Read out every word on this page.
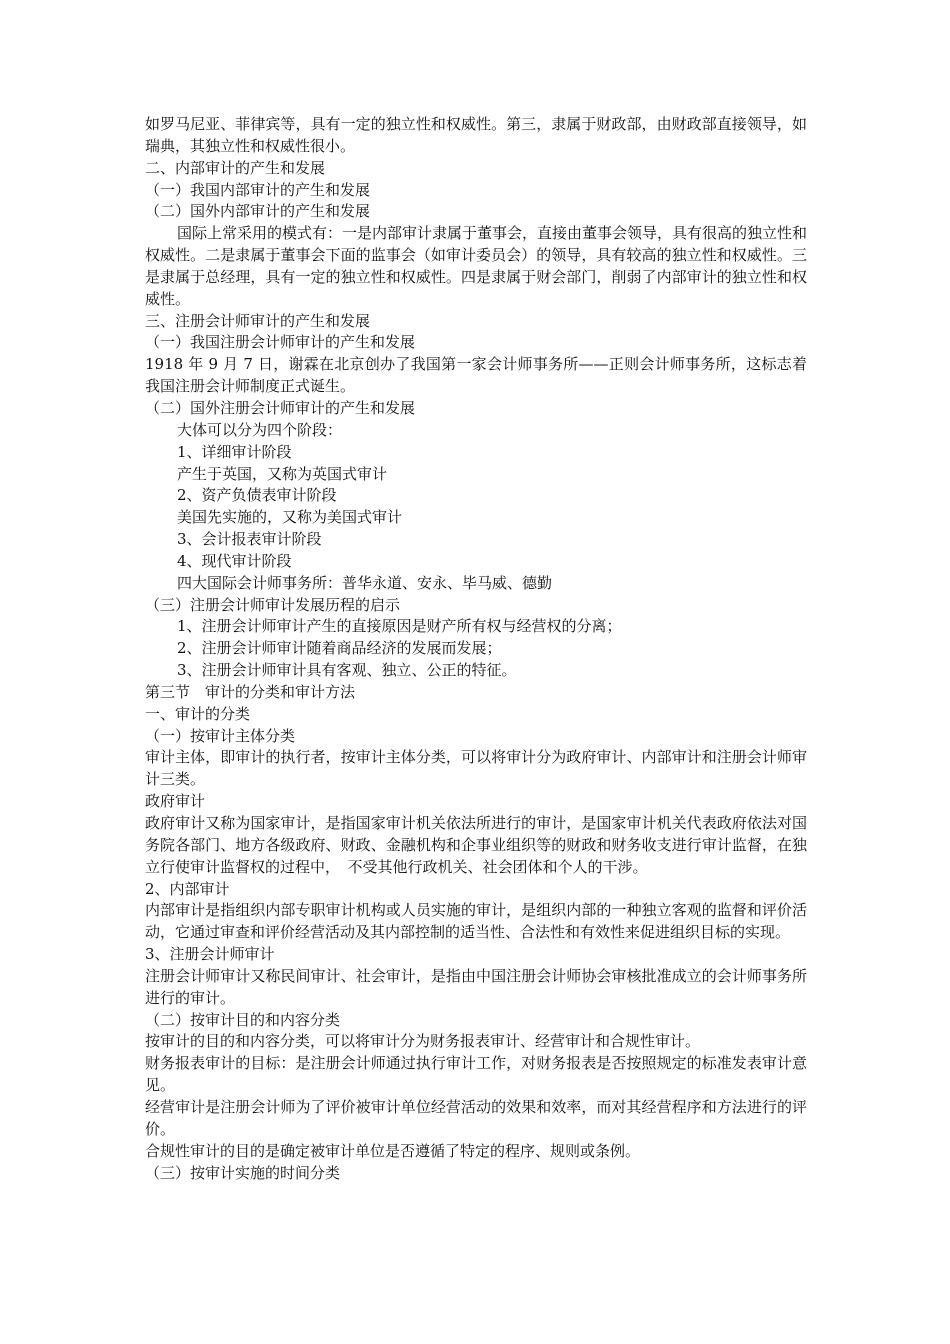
如罗马尼亚、菲律宾等，具有一定的独立性和权威性。第三，隶属于财政部，由财政部直接领导，如瑞典，其独立性和权威性很小。

二、内部审计的产生和发展

（一）我国内部审计的产生和发展

（二）国外内部审计的产生和发展

国际上常采用的模式有：一是内部审计隶属于董事会，直接由董事会领导，具有很高的独立性和权威性。二是隶属于董事会下面的监事会（如审计委员会）的领导，具有较高的独立性和权威性。三是隶属于总经理，具有一定的独立性和权威性。四是隶属于财会部门，削弱了内部审计的独立性和权威性。

三、注册会计师审计的产生和发展

（一）我国注册会计师审计的产生和发展

1918 年 9 月 7 日，谢霖在北京创办了我国第一家会计师事务所——正则会计师事务所，这标志着我国注册会计师制度正式诞生。

（二）国外注册会计师审计的产生和发展

大体可以分为四个阶段：

1、详细审计阶段

产生于英国，又称为英国式审计

2、资产负债表审计阶段

美国先实施的，又称为美国式审计

3、会计报表审计阶段

4、现代审计阶段

四大国际会计师事务所：普华永道、安永、毕马威、德勤

（三）注册会计师审计发展历程的启示

1、注册会计师审计产生的直接原因是财产所有权与经营权的分离；

2、注册会计师审计随着商品经济的发展而发展；

3、注册会计师审计具有客观、独立、公正的特征。

第三节　审计的分类和审计方法

一、审计的分类

（一）按审计主体分类

审计主体，即审计的执行者，按审计主体分类，可以将审计分为政府审计、内部审计和注册会计师审计三类。

政府审计

政府审计又称为国家审计，是指国家审计机关依法所进行的审计，是国家审计机关代表政府依法对国务院各部门、地方各级政府、财政、金融机构和企事业组织等的财政和财务收支进行审计监督，在独立行使审计监督权的过程中，　不受其他行政机关、社会团体和个人的干涉。

2、内部审计

内部审计是指组织内部专职审计机构或人员实施的审计，是组织内部的一种独立客观的监督和评价活动，它通过审查和评价经营活动及其内部控制的适当性、合法性和有效性来促进组织目标的实现。

3、注册会计师审计

注册会计师审计又称民间审计、社会审计，是指由中国注册会计师协会审核批准成立的会计师事务所进行的审计。

（二）按审计目的和内容分类

按审计的目的和内容分类，可以将审计分为财务报表审计、经营审计和合规性审计。

财务报表审计的目标：是注册会计师通过执行审计工作，对财务报表是否按照规定的标准发表审计意见。

经营审计是注册会计师为了评价被审计单位经营活动的效果和效率，而对其经营程序和方法进行的评价。

合规性审计的目的是确定被审计单位是否遵循了特定的程序、规则或条例。

（三）按审计实施的时间分类
